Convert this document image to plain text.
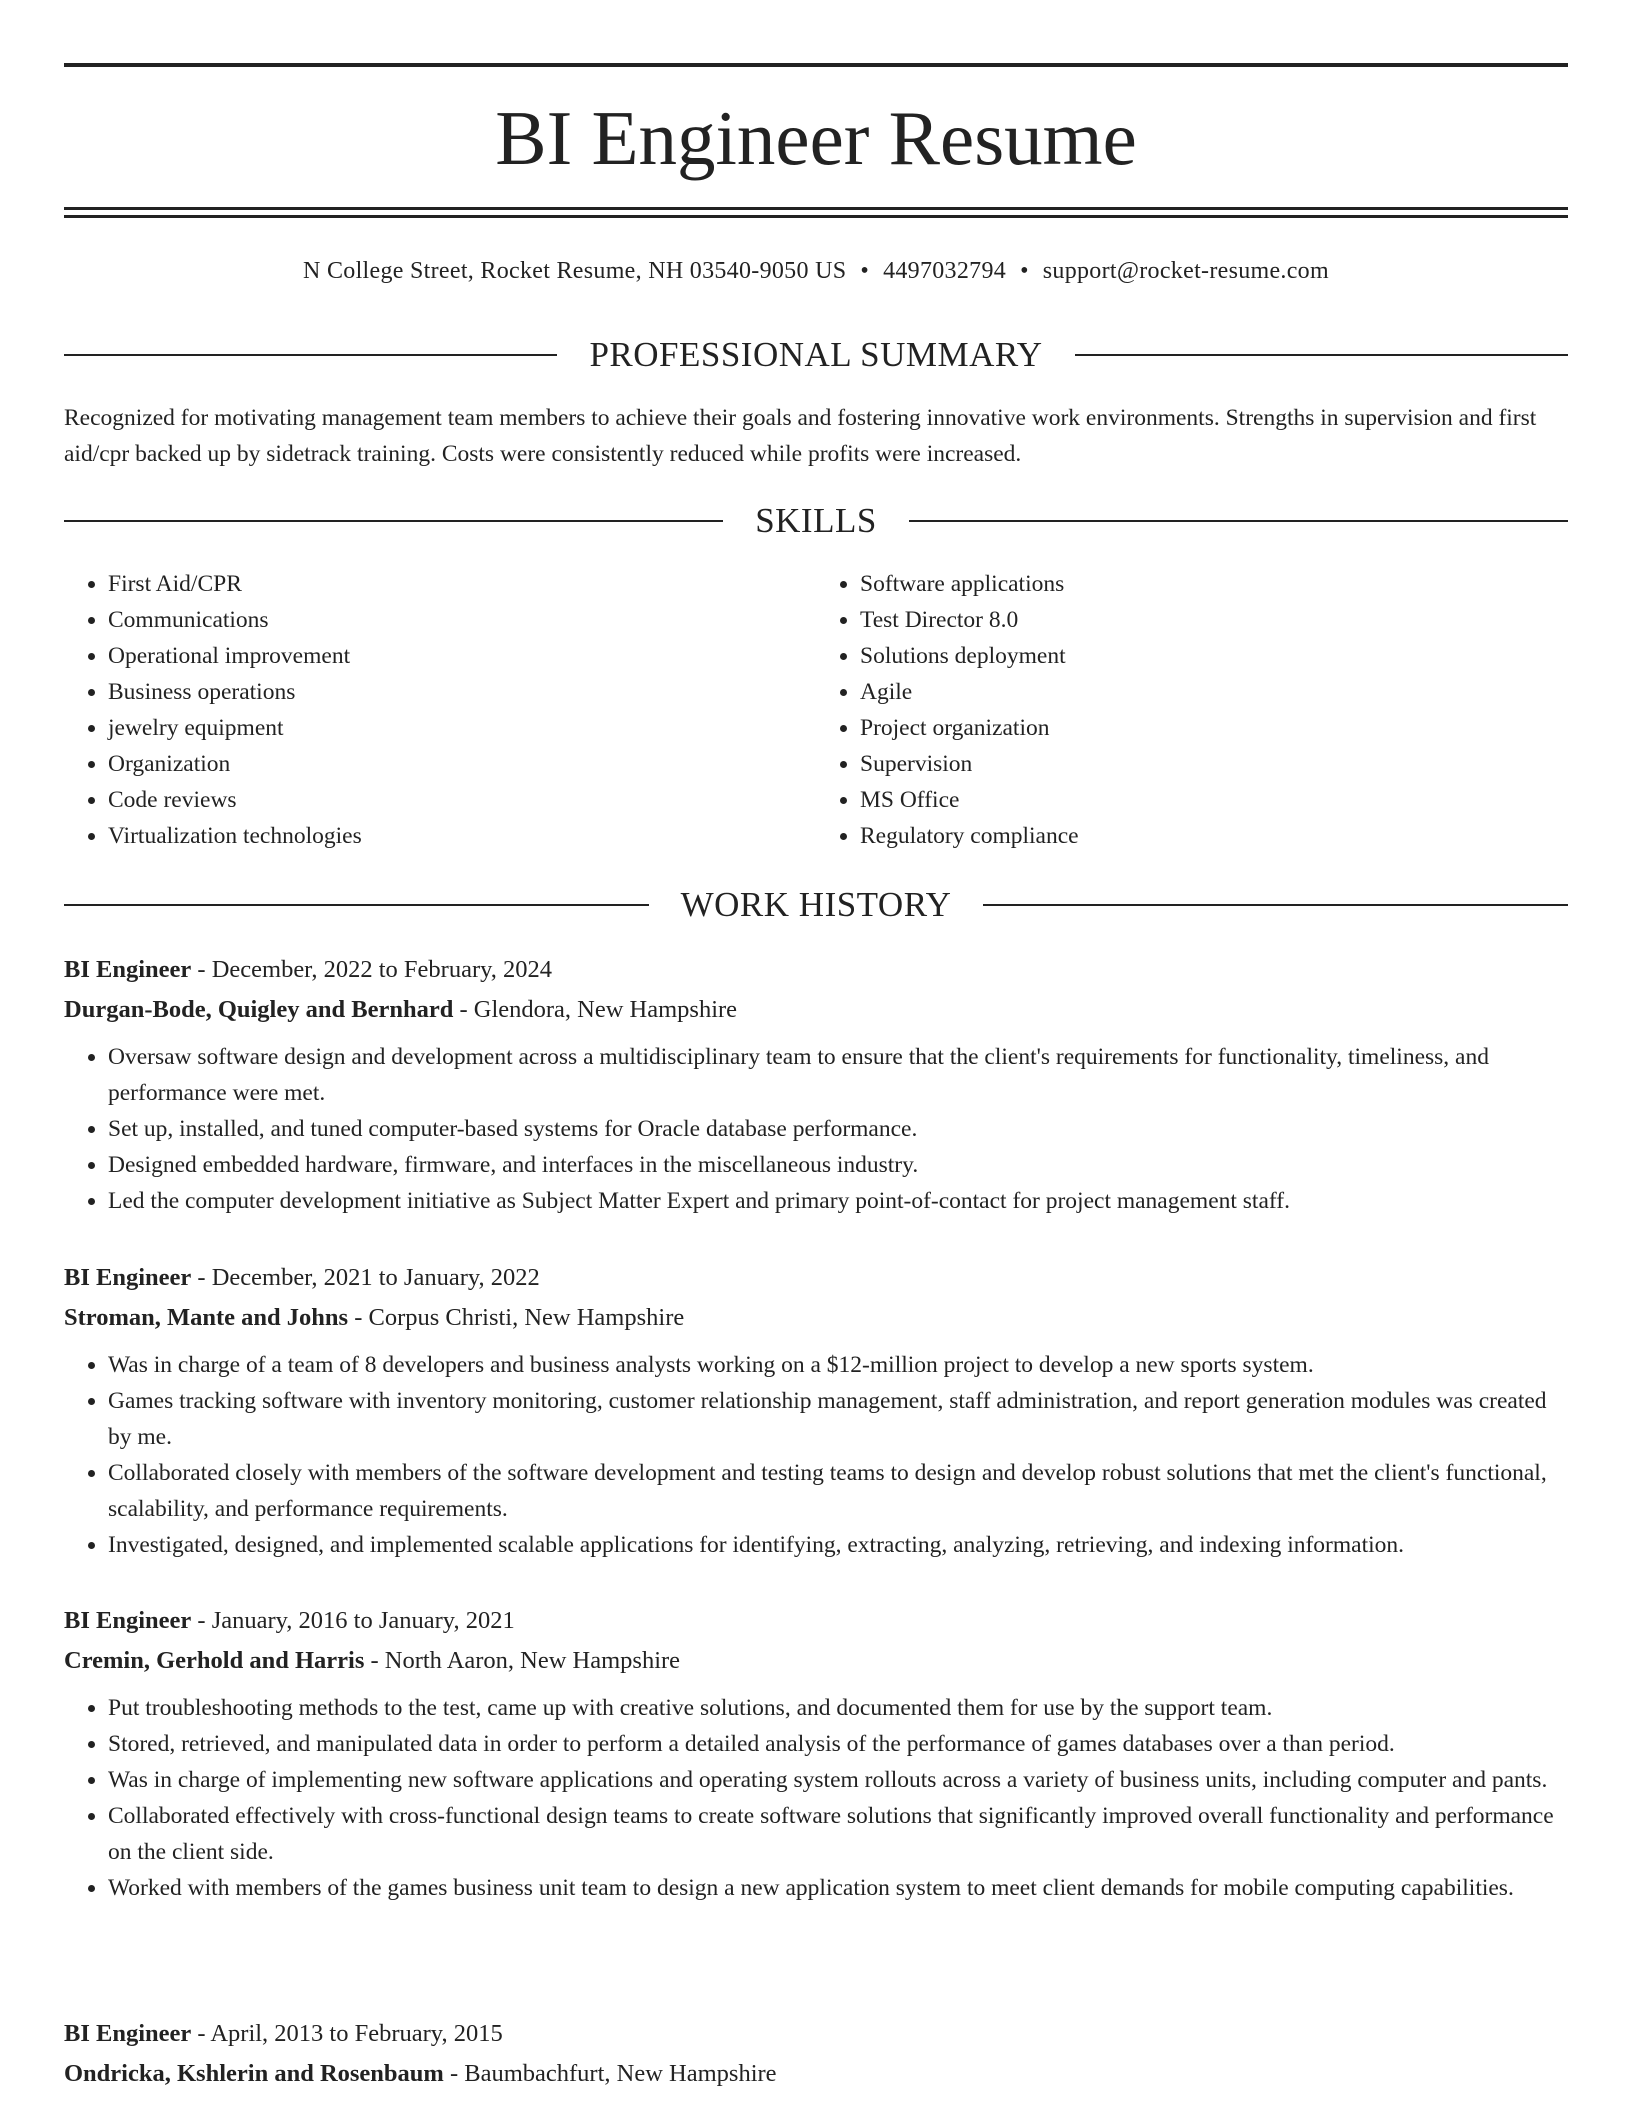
BI Engineer Resume
N College Street, Rocket Resume, NH 03540-9050 US • 4497032794 • support@rocket-resume.com
PROFESSIONAL SUMMARY

Recognized for motivating management team members to achieve their goals and fostering innovative work environments. Strengths in supervision and first aid/cpr backed up by sidetrack training. Costs were consistently reduced while profits were increased.

SKILLS
• First Aid/CPR
• Communications
• Operational improvement
• Business operations
• jewelry equipment
• Organization
• Code reviews
• Virtualization technologies
• Software applications
• Test Director 8.0
• Solutions deployment
• Agile
• Project organization
• Supervision
• MS Office
• Regulatory compliance
WORK HISTORY
BI Engineer - December, 2022 to February, 2024
Durgan-Bode, Quigley and Bernhard - Glendora, New Hampshire
• Oversaw software design and development across a multidisciplinary team to ensure that the client's requirements for functionality, timeliness, and performance were met.
• Set up, installed, and tuned computer-based systems for Oracle database performance.
• Designed embedded hardware, firmware, and interfaces in the miscellaneous industry.
• Led the computer development initiative as Subject Matter Expert and primary point-of-contact for project management staff.
BI Engineer - December, 2021 to January, 2022
Stroman, Mante and Johns - Corpus Christi, New Hampshire
• Was in charge of a team of 8 developers and business analysts working on a $12-million project to develop a new sports system.
• Games tracking software with inventory monitoring, customer relationship management, staff administration, and report generation modules was created by me.
• Collaborated closely with members of the software development and testing teams to design and develop robust solutions that met the client's functional, scalability, and performance requirements.
• Investigated, designed, and implemented scalable applications for identifying, extracting, analyzing, retrieving, and indexing information.
BI Engineer - January, 2016 to January, 2021
Cremin, Gerhold and Harris - North Aaron, New Hampshire
• Put troubleshooting methods to the test, came up with creative solutions, and documented them for use by the support team.
• Stored, retrieved, and manipulated data in order to perform a detailed analysis of the performance of games databases over a than period.
• Was in charge of implementing new software applications and operating system rollouts across a variety of business units, including computer and pants.
• Collaborated effectively with cross-functional design teams to create software solutions that significantly improved overall functionality and performance on the client side.
• Worked with members of the games business unit team to design a new application system to meet client demands for mobile computing capabilities.
BI Engineer - April, 2013 to February, 2015
Ondricka, Kshlerin and Rosenbaum - Baumbachfurt, New Hampshire
